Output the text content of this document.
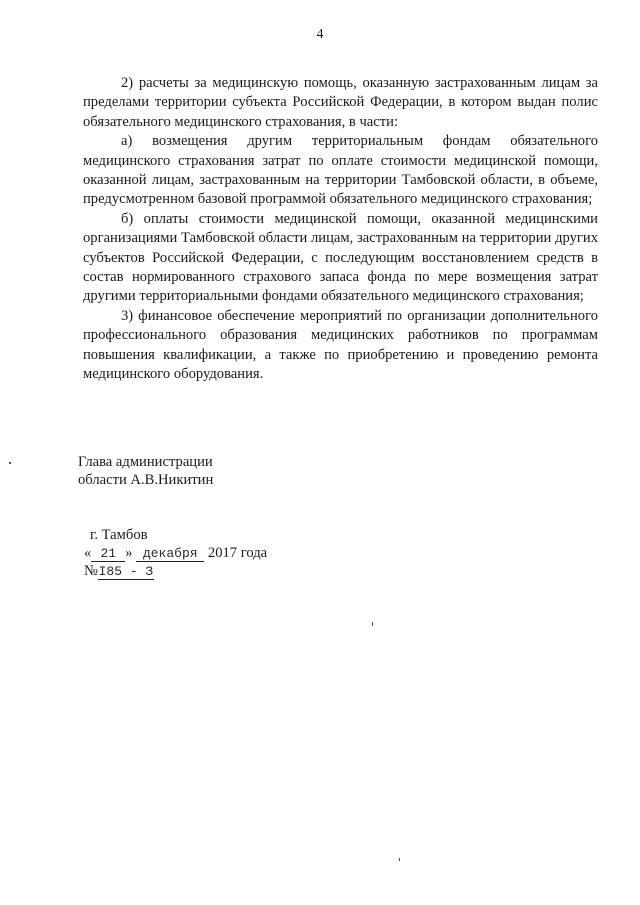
4

2) расчеты за медицинскую помощь, оказанную застрахованным лицам за пределами территории субъекта Российской Федерации, в котором выдан полис обязательного медицинского страхования, в части:

а) возмещения другим территориальным фондам обязательного медицинского страхования затрат по оплате стоимости медицинской помощи, оказанной лицам, застрахованным на территории Тамбовской области, в объеме, предусмотренном базовой программой обязательного медицинского страхования;

б) оплаты стоимости медицинской помощи, оказанной медицинскими организациями Тамбовской области лицам, застрахованным на территории других субъектов Российской Федерации, с последующим восстановлением средств в состав нормированного страхового запаса фонда по мере возмещения затрат другими территориальными фондами обязательного медицинского страхования;

3) финансовое обеспечение мероприятий по организации дополнительного профессионального образования медицинских работников по программам повышения квалификации, а также по приобретению и проведению ремонта медицинского оборудования.

Глава администрации
области А.В.Никитин
г. Тамбов
« 21 » декабря 2017 года
№I85 - З
